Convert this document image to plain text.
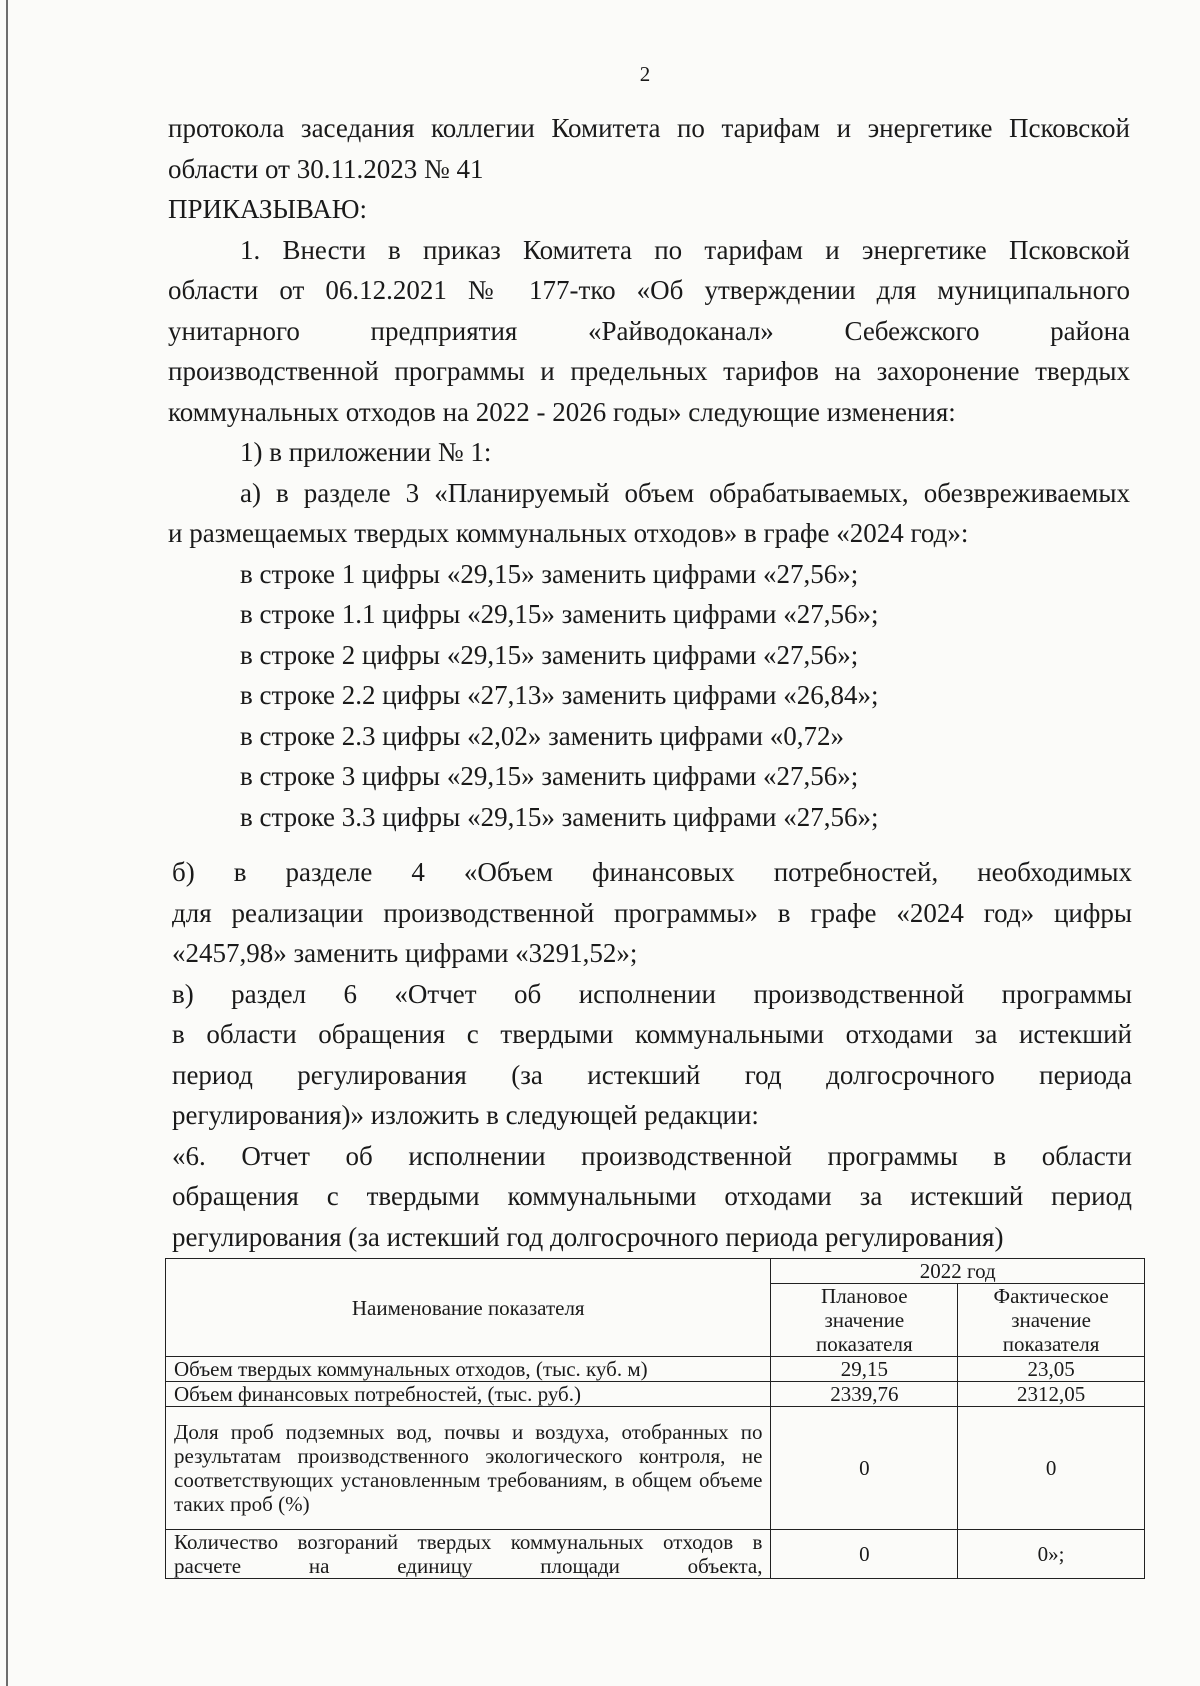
2

протокола заседания коллегии Комитета по тарифам и энергетике Псковской

области от 30.11.2023 № 41

ПРИКАЗЫВАЮ:

1. Внести в приказ Комитета по тарифам и энергетике Псковской

области от 06.12.2021 № 177-тко «Об утверждении для муниципального

унитарного предприятия «Райводоканал» Себежского района

производственной программы и предельных тарифов на захоронение твердых

коммунальных отходов на 2022 - 2026 годы» следующие изменения:

1) в приложении № 1:

а) в разделе 3 «Планируемый объем обрабатываемых, обезвреживаемых

и размещаемых твердых коммунальных отходов» в графе «2024 год»:

в строке 1 цифры «29,15» заменить цифрами «27,56»;

в строке 1.1 цифры «29,15» заменить цифрами «27,56»;

в строке 2 цифры «29,15» заменить цифрами «27,56»;

в строке 2.2 цифры «27,13» заменить цифрами «26,84»;

в строке 2.3 цифры «2,02» заменить цифрами «0,72»

в строке 3 цифры «29,15» заменить цифрами «27,56»;

в строке 3.3 цифры «29,15» заменить цифрами «27,56»;

б) в разделе 4 «Объем финансовых потребностей, необходимых

для реализации производственной программы» в графе «2024 год» цифры

«2457,98» заменить цифрами «3291,52»;

в) раздел 6 «Отчет об исполнении производственной программы

в области обращения с твердыми коммунальными отходами за истекший

период регулирования (за истекший год долгосрочного периода

регулирования)» изложить в следующей редакции:

«6. Отчет об исполнении производственной программы в области

обращения с твердыми коммунальными отходами за истекший период

регулирования (за истекший год долгосрочного периода регулирования)

Наименование показателя	2022 год	
	Плановое значение показателя	Фактическое значение показателя
Объем твердых коммунальных отходов, (тыс. куб. м)	29,15	23,05
Объем финансовых потребностей, (тыс. руб.)	2339,76	2312,05
Доля проб подземных вод, почвы и воздуха, отобранных по результатам производственного экологического контроля, не соответствующих установленным требованиям, в общем объеме таких проб (%)	0	0
Количество возгораний твердых коммунальных отходов в расчете на единицу площади объекта,	0	0»;
